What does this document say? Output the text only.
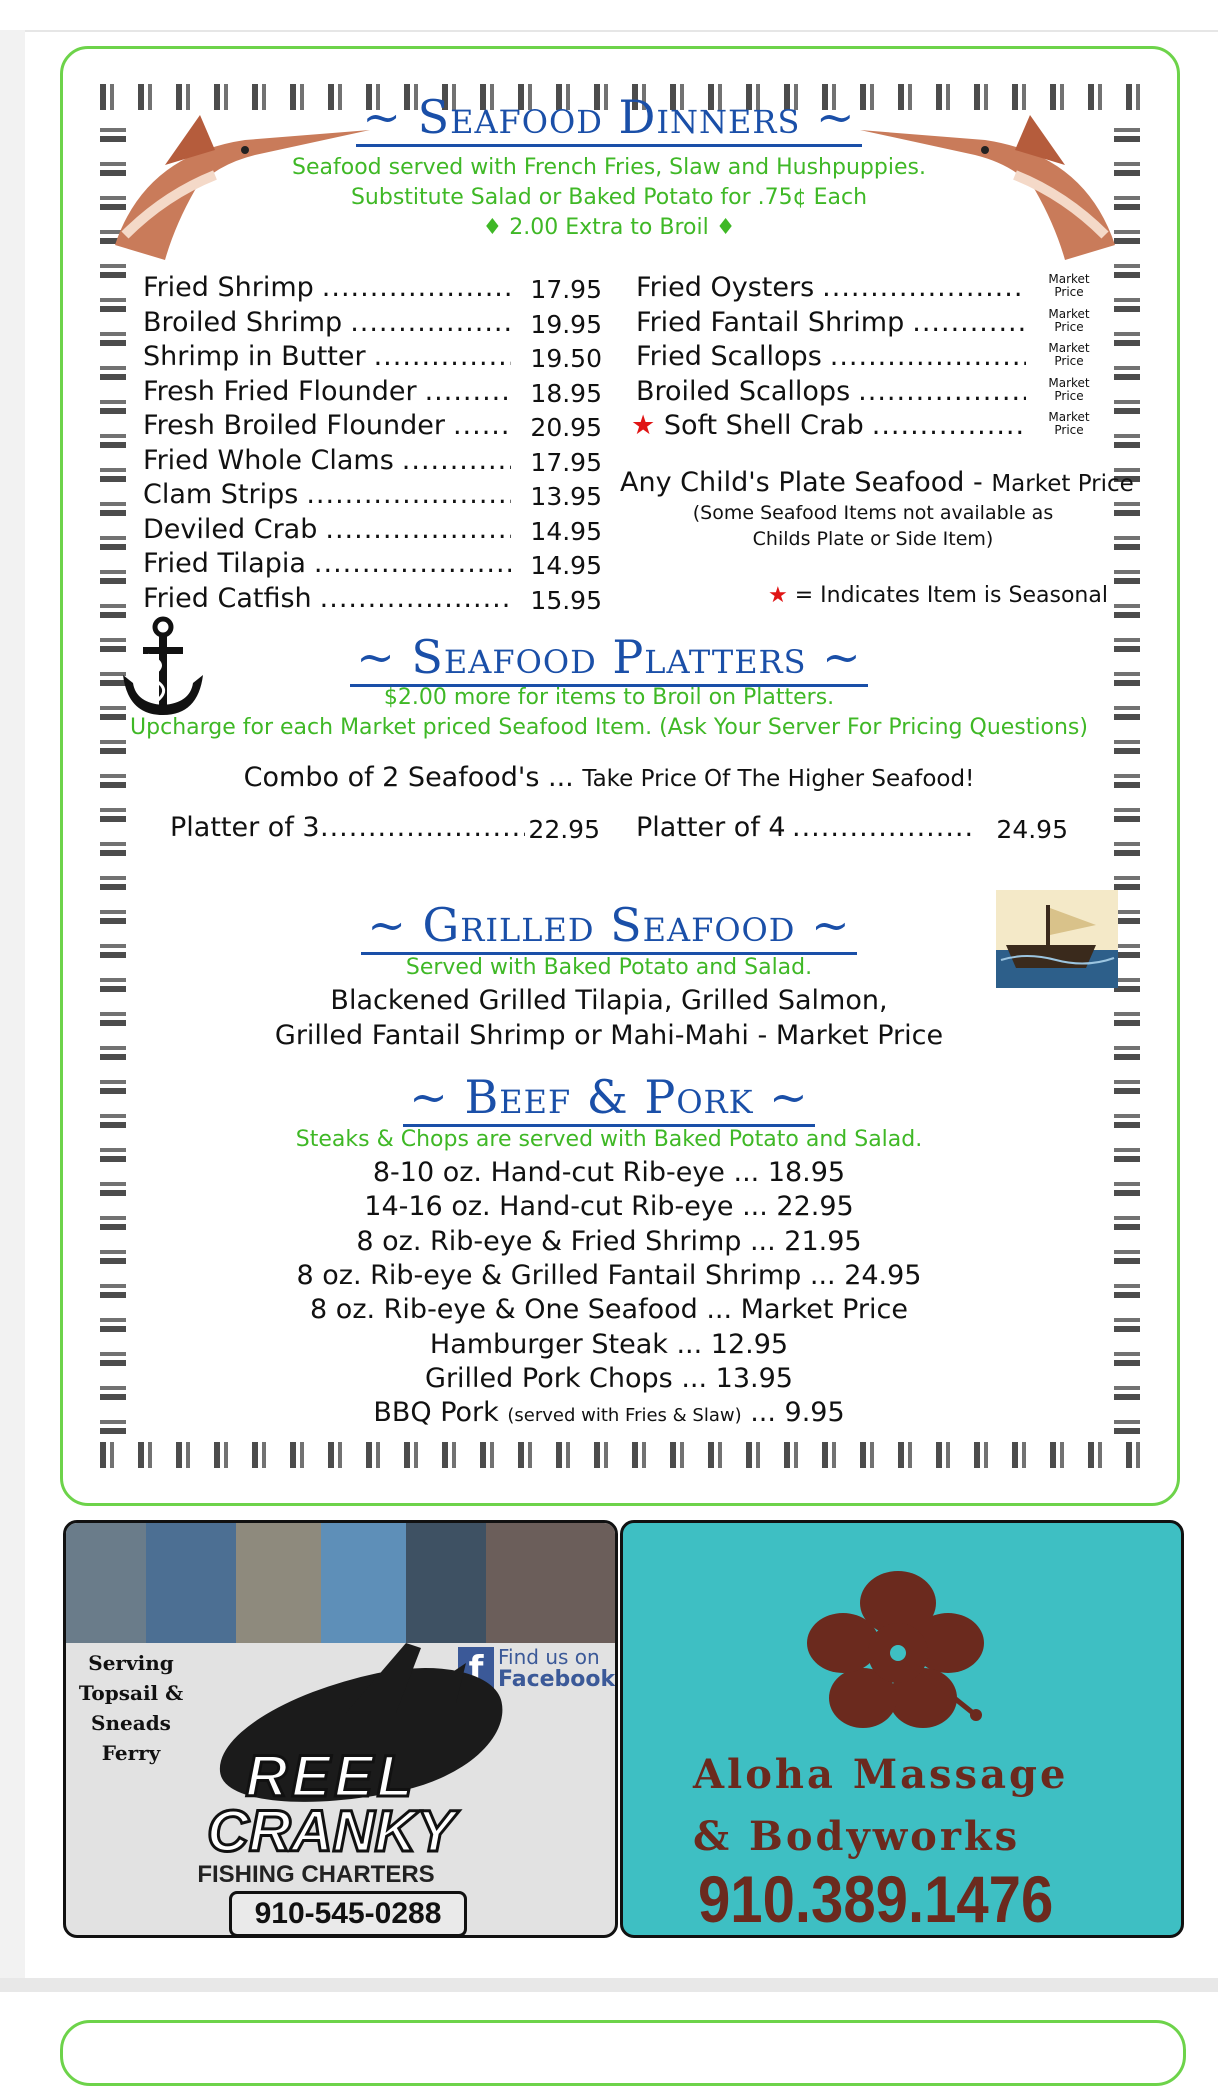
~ Seafood Dinners ~
Seafood served with French Fries, Slaw and Hushpuppies.
Substitute Salad or Baked Potato for .75¢ Each
♦ 2.00 Extra to Broil ♦
Fried Shrimp .....	17.95
Broiled Shrimp .....	19.95
Shrimp in Butter .....	19.50
Fresh Fried Flounder .....	18.95
Fresh Broiled Flounder .....	20.95
Fried Whole Clams .....	17.95
Clam Strips .....	13.95
Deviled Crab .....	14.95
Fried Tilapia .....	14.95
Fried Catfish .....	15.95
Fried Oysters .....	Market Price
Fried Fantail Shrimp .....	Market Price
Fried Scallops .....	Market Price
Broiled Scallops .....	Market Price
★ Soft Shell Crab .....	Market Price
Any Child's Plate Seafood - Market Price
(Some Seafood Items not available as
Childs Plate or Side Item)
★ = Indicates Item is Seasonal
~ Seafood Platters ~
$2.00 more for items to Broil on Platters.
Upcharge for each Market priced Seafood Item. (Ask Your Server For Pricing Questions)
Combo of 2 Seafood's ... Take Price Of The Higher Seafood!
Platter of 3 .....	22.95 Platter of 4 .....	24.95
~ Grilled Seafood ~
Served with Baked Potato and Salad.
Blackened Grilled Tilapia, Grilled Salmon,
Grilled Fantail Shrimp or Mahi-Mahi - Market Price
~ Beef & Pork ~
Steaks & Chops are served with Baked Potato and Salad.
8-10 oz. Hand-cut Rib-eye ... 18.95
14-16 oz. Hand-cut Rib-eye ... 22.95
8 oz. Rib-eye & Fried Shrimp ... 21.95
8 oz. Rib-eye & Grilled Fantail Shrimp ... 24.95
8 oz. Rib-eye & One Seafood ... Market Price
Hamburger Steak ... 12.95
Grilled Pork Chops ... 13.95
BBQ Pork (served with Fries & Slaw) ... 9.95
Serving
Topsail &
Sneads Ferry
f Find us on
Facebook
REEL
CRANKY
FISHING CHARTERS
910-545-0288
Aloha Massage
& Bodyworks
910.389.1476
